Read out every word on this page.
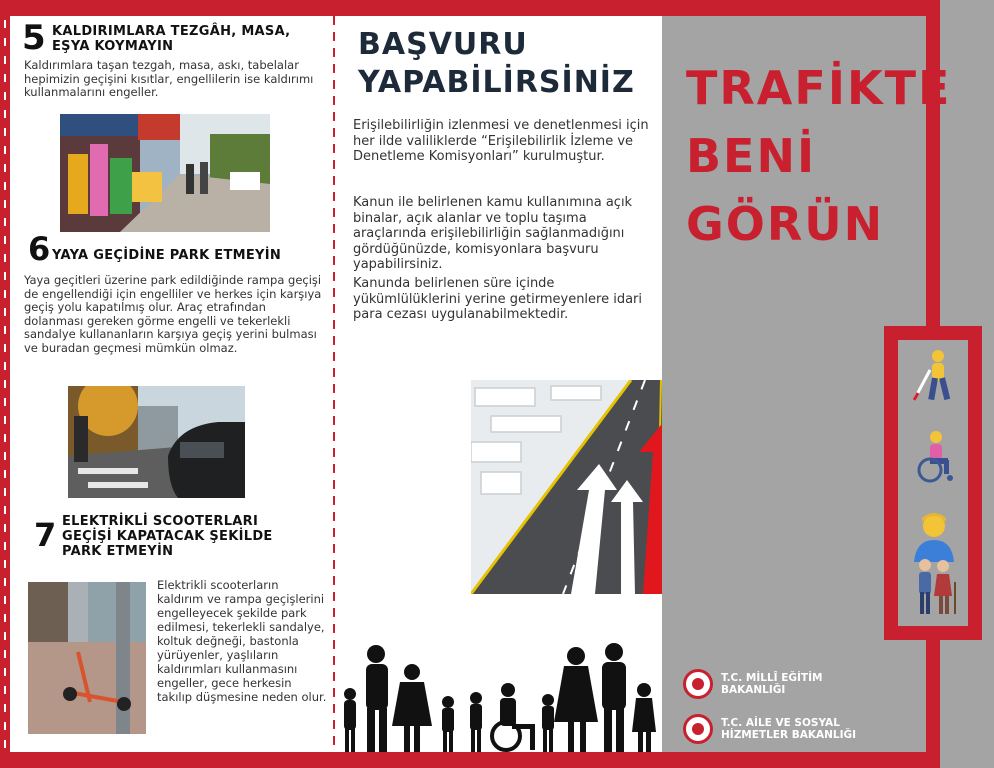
5 KALDIRIMLARA TEZGÂH, MASA, EŞYA KOYMAYIN

Kaldırımlara taşan tezgah, masa, askı, tabelalar hepimizin geçişini kısıtlar, engellilerin ise kaldırımı kullanmalarını engeller.

6 YAYA GEÇİDİNE PARK ETMEYİN

Yaya geçitleri üzerine park edildiğinde rampa geçişi de engellendiği için engelliler ve herkes için karşıya geçiş yolu kapatılmış olur. Araç etrafından dolanması gereken görme engelli ve tekerlekli sandalye kullananların karşıya geçiş yerini bulması ve buradan geçmesi mümkün olmaz.

7 ELEKTRİKLİ SCOOTERLARI GEÇİŞİ KAPATACAK ŞEKİLDE PARK ETMEYİN

Elektrikli scooterların kaldırım ve rampa geçişlerini engelleyecek şekilde park edilmesi, tekerlekli sandalye, koltuk değneği, bastonla yürüyenler, yaşlıların kaldırımları kullanmasını engeller, gece herkesin takılıp düşmesine neden olur.

BAŞVURU
YAPABİLİRSİNİZ

Erişilebilirliğin izlenmesi ve denetlenmesi için her ilde valiliklerde “Erişilebilirlik İzleme ve Denetleme Komisyonları” kurulmuştur.

Kanun ile belirlenen kamu kullanımına açık binalar, açık alanlar ve toplu taşıma araçlarında erişilebilirliğin sağlanmadığını gördüğünüzde, komisyonlara başvuru yapabilirsiniz.

Kanunda belirlenen süre içinde yükümlülüklerini yerine getirmeyenlere idari para cezası uygulanabilmektedir.

TRAFİKTE
BENİ
GÖRÜN
T.C. MİLLÎ EĞİTİM
BAKANLIĞI
T.C. AİLE VE SOSYAL
HİZMETLER BAKANLIĞI
